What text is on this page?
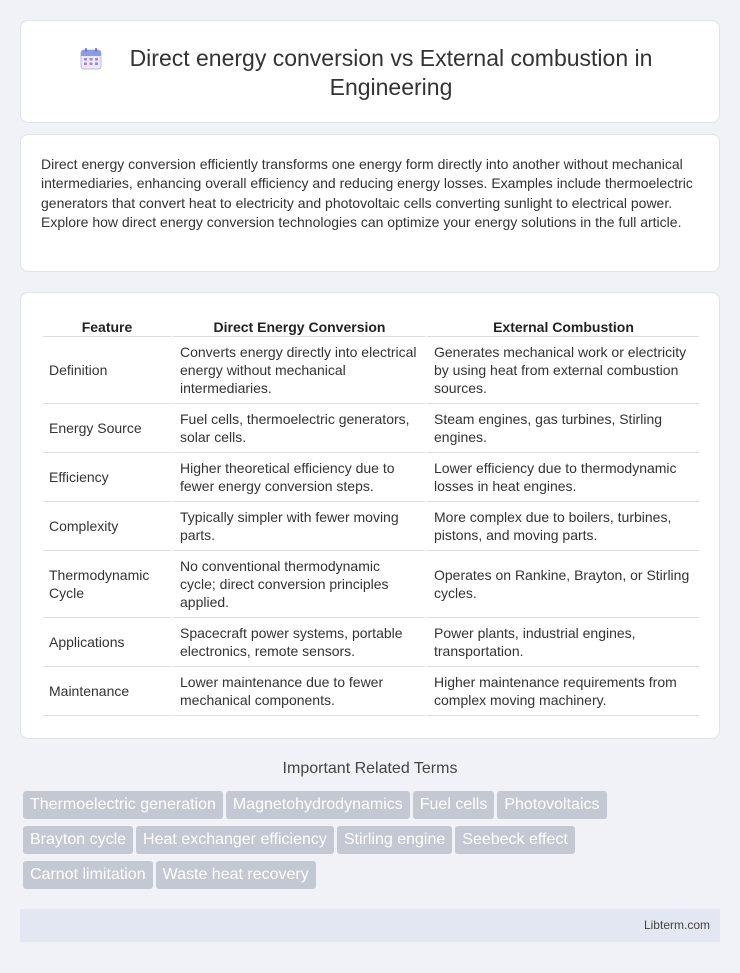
Direct energy conversion vs External combustion in Engineering

Direct energy conversion efficiently transforms one energy form directly into another without mechanical intermediaries, enhancing overall efficiency and reducing energy losses. Examples include thermoelectric generators that convert heat to electricity and photovoltaic cells converting sunlight to electrical power. Explore how direct energy conversion technologies can optimize your energy solutions in the full article.

Feature	Direct Energy Conversion	External Combustion
Definition	Converts energy directly into electrical energy without mechanical intermediaries.	Generates mechanical work or electricity by using heat from external combustion sources.
Energy Source	Fuel cells, thermoelectric generators, solar cells.	Steam engines, gas turbines, Stirling engines.
Efficiency	Higher theoretical efficiency due to fewer energy conversion steps.	Lower efficiency due to thermodynamic losses in heat engines.
Complexity	Typically simpler with fewer moving parts.	More complex due to boilers, turbines, pistons, and moving parts.
Thermodynamic Cycle	No conventional thermodynamic cycle; direct conversion principles applied.	Operates on Rankine, Brayton, or Stirling cycles.
Applications	Spacecraft power systems, portable electronics, remote sensors.	Power plants, industrial engines, transportation.
Maintenance	Lower maintenance due to fewer mechanical components.	Higher maintenance requirements from complex moving machinery.
Important Related Terms
Thermoelectric generation Magnetohydrodynamics Fuel cells Photovoltaics
Brayton cycle Heat exchanger efficiency Stirling engine Seebeck effect
Carnot limitation Waste heat recovery
Libterm.com
